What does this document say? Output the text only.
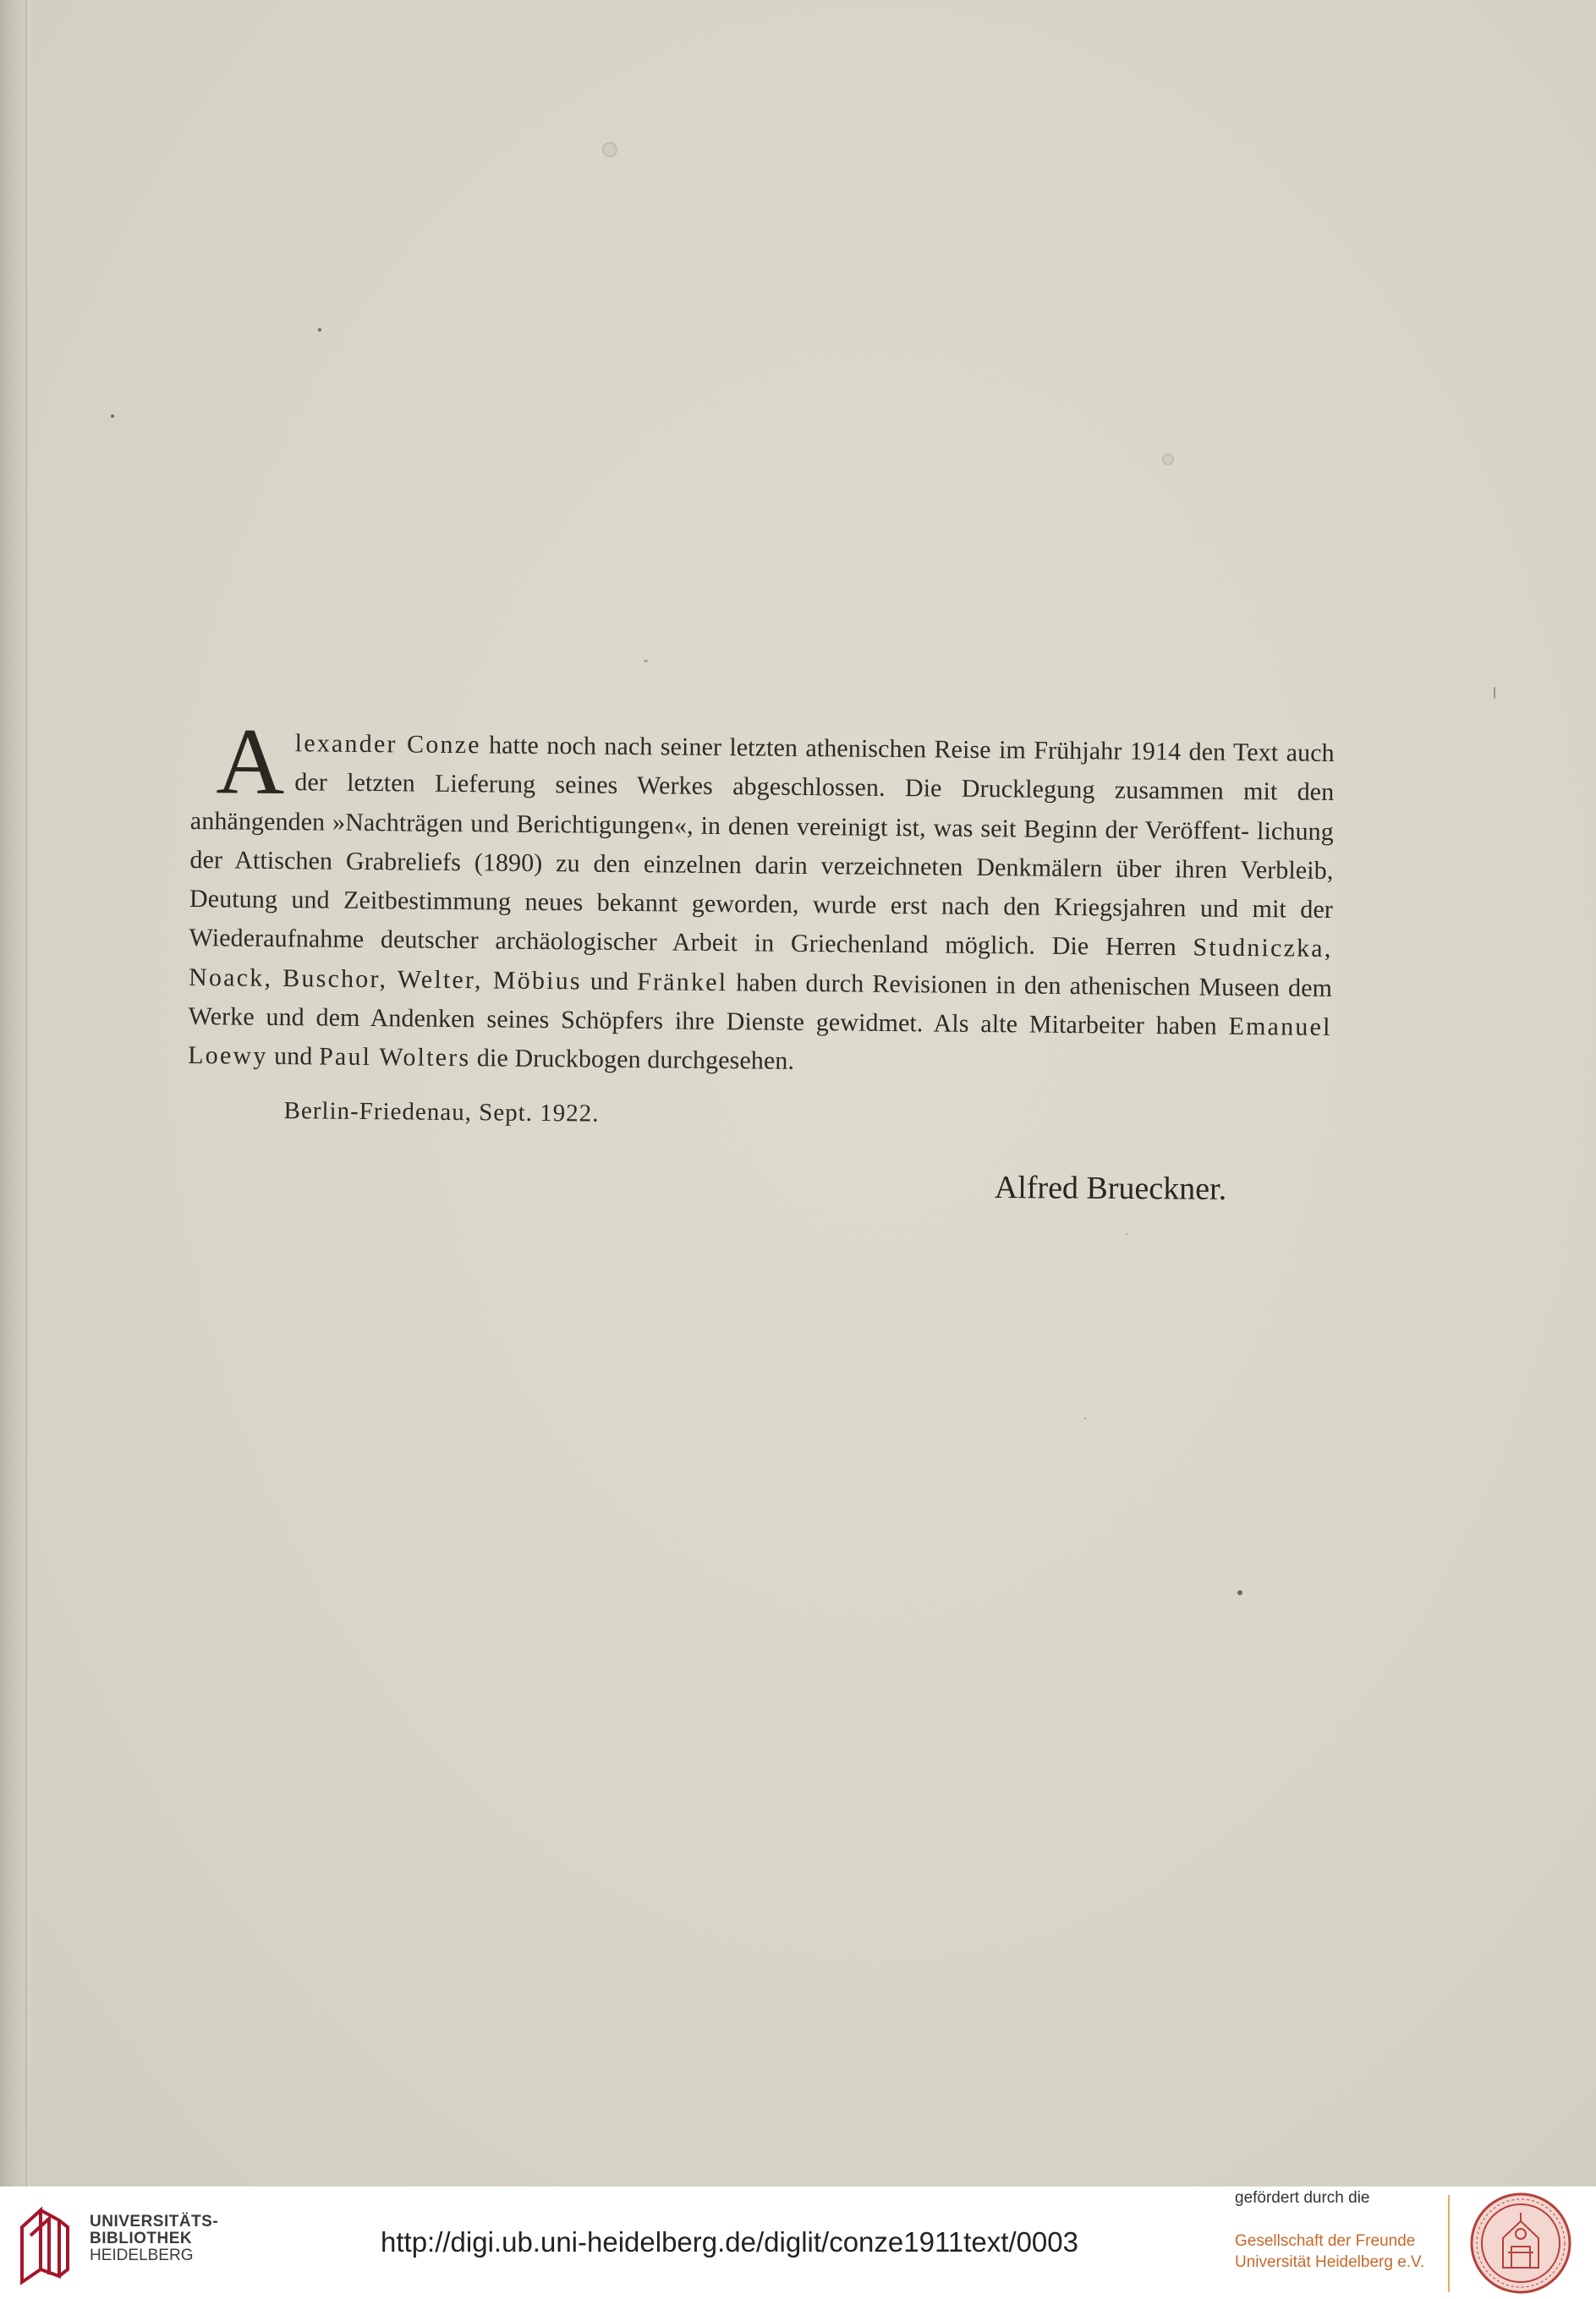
A lexander Conze hatte noch nach seiner letzten athenischen Reise im Frühjahr 1914 den Text auch der letzten Lieferung seines Werkes abgeschlossen. Die Drucklegung zusammen mit den anhängenden »Nachträgen und Berichtigungen«, in denen vereinigt ist, was seit Beginn der Veröffent- lichung der Attischen Grabreliefs (1890) zu den einzelnen darin verzeichneten Denkmälern über ihren Verbleib, Deutung und Zeitbestimmung neues bekannt geworden, wurde erst nach den Kriegsjahren und mit der Wiederaufnahme deutscher archäologischer Arbeit in Griechenland möglich. Die Herren Studniczka, Noack, Buschor, Welter, Möbius und Fränkel haben durch Revisionen in den athenischen Museen dem Werke und dem Andenken seines Schöpfers ihre Dienste gewidmet. Als alte Mitarbeiter haben Emanuel Loewy und Paul Wolters die Druckbogen durchgesehen.

Berlin-Friedenau, Sept. 1922.
Alfred Brueckner.
UNIVERSITÄTS-
BIBLIOTHEK
HEIDELBERG	http://digi.ub.uni-heidelberg.de/diglit/conze1911text/0003
gefördert durch die
Gesellschaft der Freunde
Universität Heidelberg e.V.
